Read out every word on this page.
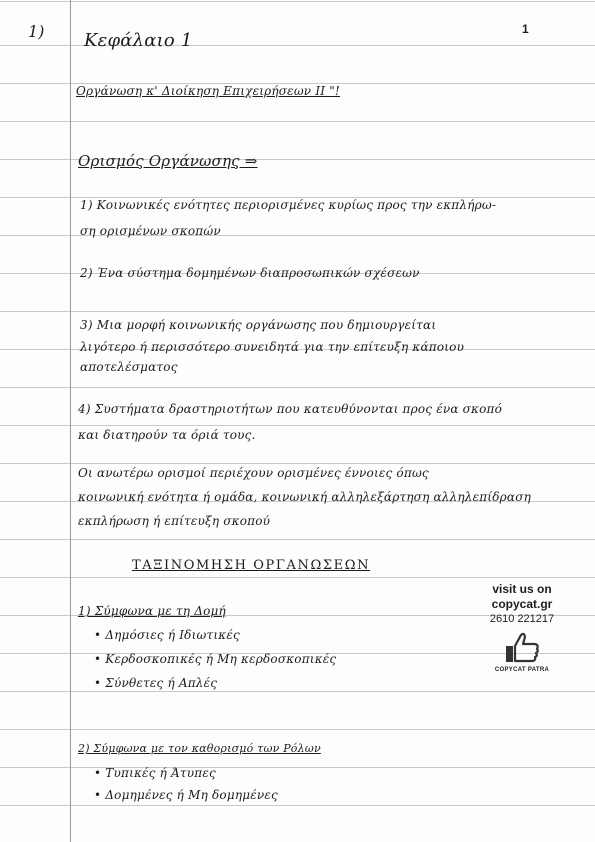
1)	1
Κεφάλαιο 1
Οργάνωση κ' Διοίκηση Επιχειρήσεων ΙΙ "!
Ορισμός Οργάνωσης ⇒
1) Κοινωνικές ενότητες περιορισμένες κυρίως προς την εκπλήρω-
ση ορισμένων σκοπών
2) Ένα σύστημα δομημένων διαπροσωπικών σχέσεων
3) Μια μορφή κοινωνικής οργάνωσης που δημιουργείται
λιγότερο ή περισσότερο συνειδητά για την επίτευξη κάποιου
αποτελέσματος
4) Συστήματα δραστηριοτήτων που κατευθύνονται προς ένα σκοπό
και διατηρούν τα όριά τους.
Οι ανωτέρω ορισμοί περιέχουν ορισμένες έννοιες όπως
κοινωνική ενότητα ή ομάδα, κοινωνική αλληλεξάρτηση αλληλεπίδραση
εκπλήρωση ή επίτευξη σκοπού
ΤΑΞΙΝΟΜΗΣΗ ΟΡΓΑΝΩΣΕΩΝ
1) Σύμφωνα με τη Δομή
• Δημόσιες ή Ιδιωτικές
• Κερδοσκοπικές ή Μη κερδοσκοπικές
• Σύνθετες ή Απλές
2) Σύμφωνα με τον καθορισμό των Ρόλων
• Τυπικές ή Άτυπες
• Δομημένες ή Μη δομημένες
visit us on
copycat.gr
2610 221217
COPYCAT PATRA
